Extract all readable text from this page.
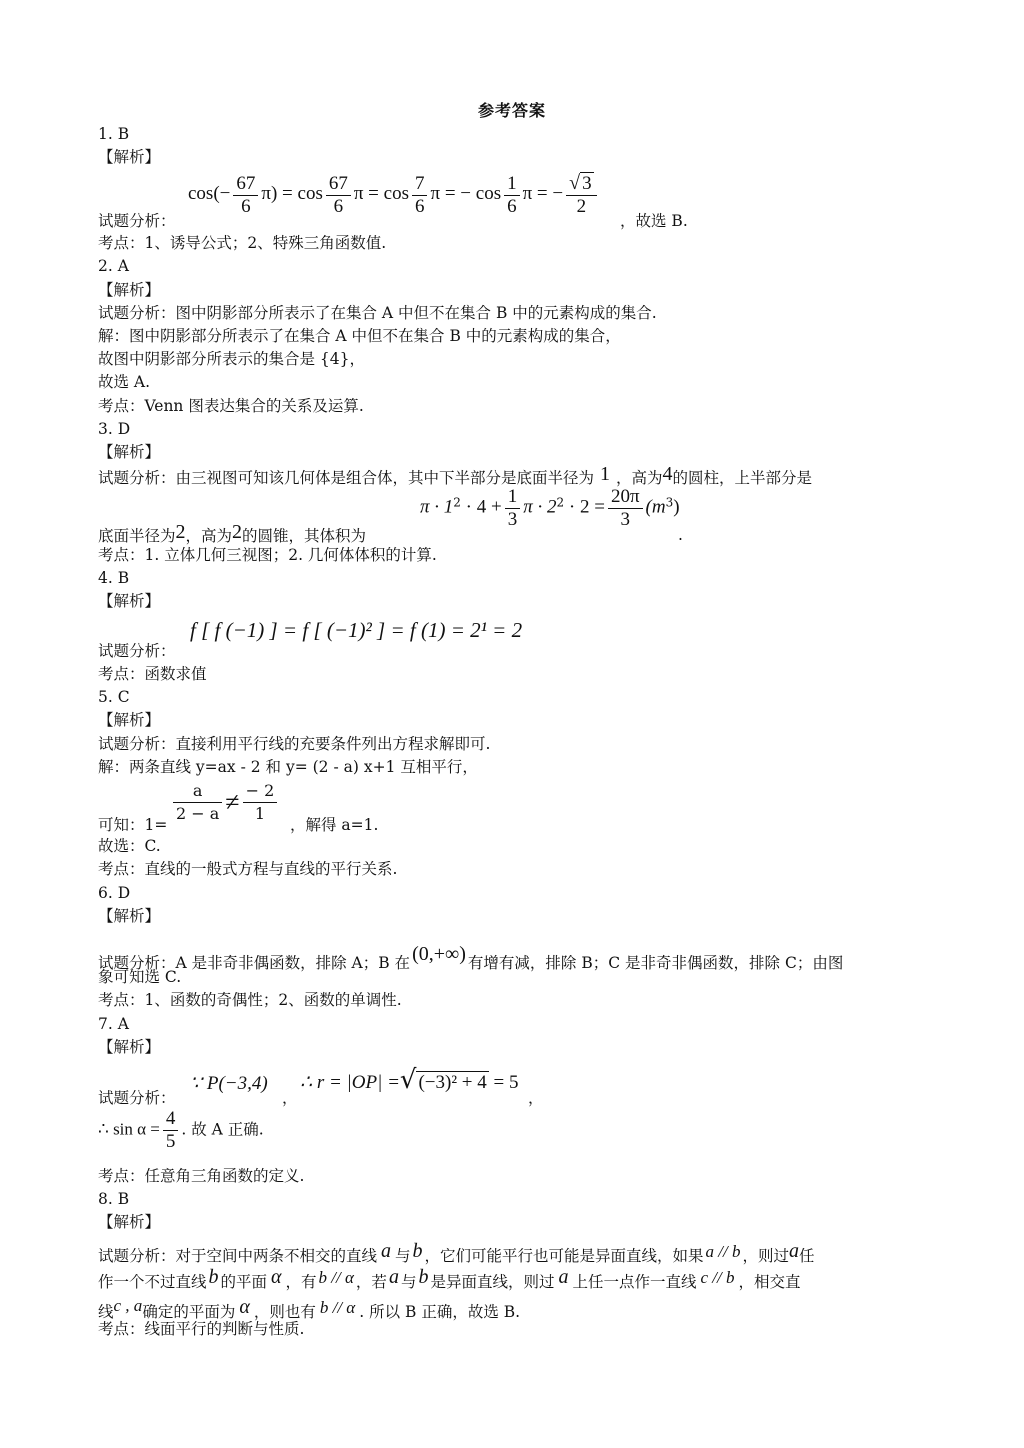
参考答案
1. B
【解析】
$\cos(- \frac{67}{6} \pi) = \cos \frac{67}{6}$ $\pi = \cos \frac{7}{6}$ π = − $\cos \frac{1}{6}$ π = − $\frac{√ 3}{2}$
试题分析：	，故选 B.
考点：1、诱导公式；2、特殊三角函数值.
2. A
【解析】
试题分析：图中阴影部分所表示了在集合 A 中但不在集合 B 中的元素构成的集合.
解：图中阴影部分所表示了在集合 A 中但不在集合 B 中的元素构成的集合，
故图中阴影部分所表示的集合是 {4}，
故选 A.
考点：Venn 图表达集合的关系及运算.
3. D
【解析】
试题分析：由三视图可知该几何体是组合体，其中下半部分是底面半径为 1 ，高为4的圆柱，上半部分是
$\pi \cdot 1^2 \cdot 4 + \frac{1}{3}$ $\pi \cdot 2^2 \cdot 2 = \frac{20\pi}{3} (m^3)$
底面半径为2，高为2的圆锥，其体积为	.
考点：1. 立体几何三视图；2. 几何体体积的计算.
4. B
【解析】
f [ f (−1) ] = f [ (−1)² ] = f (1) = 2¹ = 2
试题分析：
考点：函数求值
5. C
【解析】
试题分析：直接利用平行线的充要条件列出方程求解即可.
解：两条直线 y=ax - 2 和 y= (2 - a) x+1 互相平行，
$\frac{a}{2 - a} \ne \frac{- 2}{1}$
可知：1=	，解得 a=1.
故选：C.
考点：直线的一般式方程与直线的平行关系.
6. D
【解析】
试题分析：A 是非奇非偶函数，排除 A；B 在 (0,+∞) 有增有减，排除 B；C 是非奇非偶函数，排除 C；由图
象可知选 C.
考点：1、函数的奇偶性；2、函数的单调性.
7. A
【解析】
试题分析：
∵ P(−3,4)
，
∴ r = |OP| =√ (−3)² + 4 = 5
，
∴ $\sin \alpha = \frac{4}{5}$ . 故 A 正确.
考点：任意角三角函数的定义.
8. B
【解析】
试题分析：对于空间中两条不相交的直线 a 与 b ，它们可能平行也可能是异面直线，如果 a // b ，则过a任
作一个不过直线 b 的平面 α ，有 b // α ，若 a 与 b 是异面直线，则过 a 上任一点作一直线 c // b ，相交直
线c , a确定的平面为 α ，则也有 b // α . 所以 B 正确，故选 B.
考点：线面平行的判断与性质.
